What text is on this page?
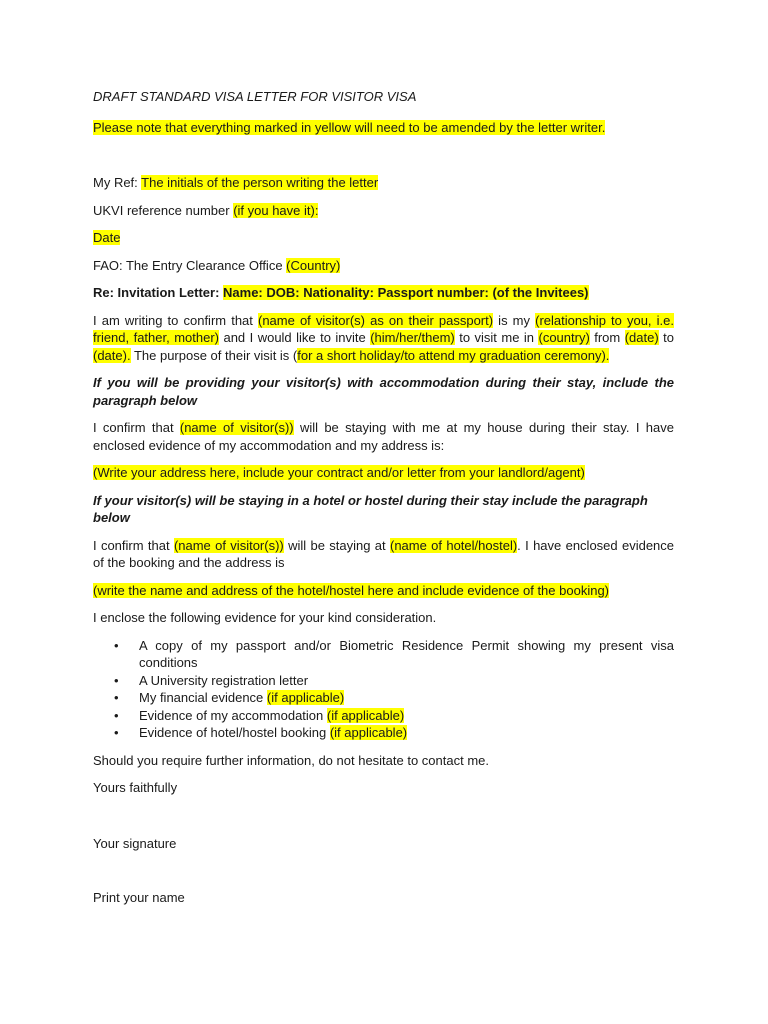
DRAFT STANDARD VISA LETTER FOR VISITOR VISA

Please note that everything marked in yellow will need to be amended by the letter writer.

My Ref: The initials of the person writing the letter

UKVI reference number (if you have it):

Date

FAO: The Entry Clearance Office (Country)

Re: Invitation Letter: Name: DOB: Nationality: Passport number: (of the Invitees)

I am writing to confirm that (name of visitor(s) as on their passport) is my (relationship to you, i.e. friend, father, mother) and I would like to invite (him/her/them) to visit me in (country) from (date) to (date). The purpose of their visit is (for a short holiday/to attend my graduation ceremony).

If you will be providing your visitor(s) with accommodation during their stay, include the paragraph below

I confirm that (name of visitor(s)) will be staying with me at my house during their stay. I have enclosed evidence of my accommodation and my address is:

(Write your address here, include your contract and/or letter from your landlord/agent)

If your visitor(s) will be staying in a hotel or hostel during their stay include the paragraph below

I confirm that (name of visitor(s)) will be staying at (name of hotel/hostel). I have enclosed evidence of the booking and the address is

(write the name and address of the hotel/hostel here and include evidence of the booking)

I enclose the following evidence for your kind consideration.

• A copy of my passport and/or Biometric Residence Permit showing my present visa conditions
• A University registration letter
• My financial evidence (if applicable)
• Evidence of my accommodation (if applicable)
• Evidence of hotel/hostel booking (if applicable)

Should you require further information, do not hesitate to contact me.

Yours faithfully

Your signature

Print your name
